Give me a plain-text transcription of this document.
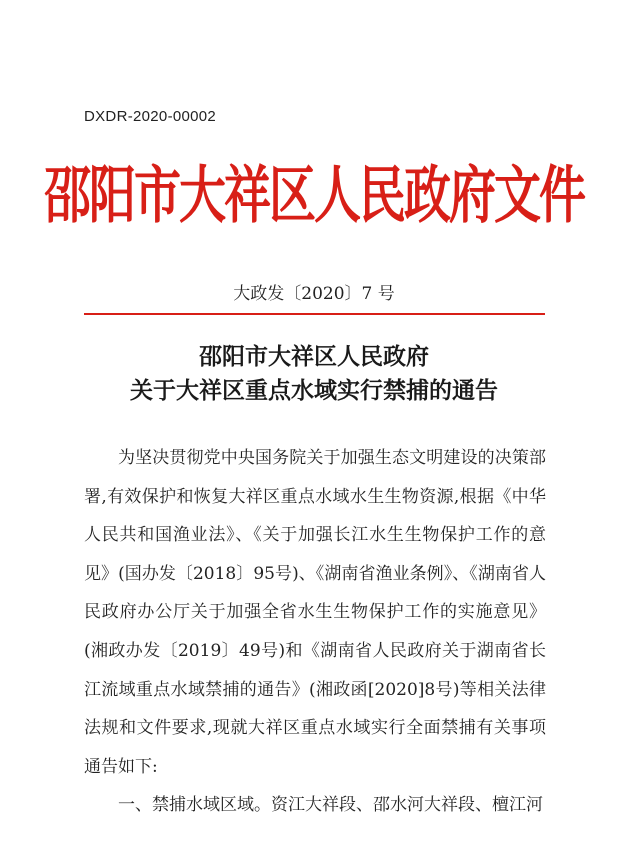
DXDR-2020-00002
邵阳市大祥区人民政府文件
大政发〔2020〕7 号
邵阳市大祥区人民政府
关于大祥区重点水域实行禁捕的通告

为坚决贯彻党中央国务院关于加强生态文明建设的决策部署,有效保护和恢复大祥区重点水域水生生物资源,根据《中华人民共和国渔业法》、《关于加强长江水生生物保护工作的意见》(国办发〔2018〕95号)、《湖南省渔业条例》、《湖南省人民政府办公厅关于加强全省水生生物保护工作的实施意见》(湘政办发〔2019〕49号)和《湖南省人民政府关于湖南省长江流域重点水域禁捕的通告》(湘政函[2020]8号)等相关法律法规和文件要求,现就大祥区重点水域实行全面禁捕有关事项通告如下:

一、禁捕水域区域。资江大祥段、邵水河大祥段、檀江河
